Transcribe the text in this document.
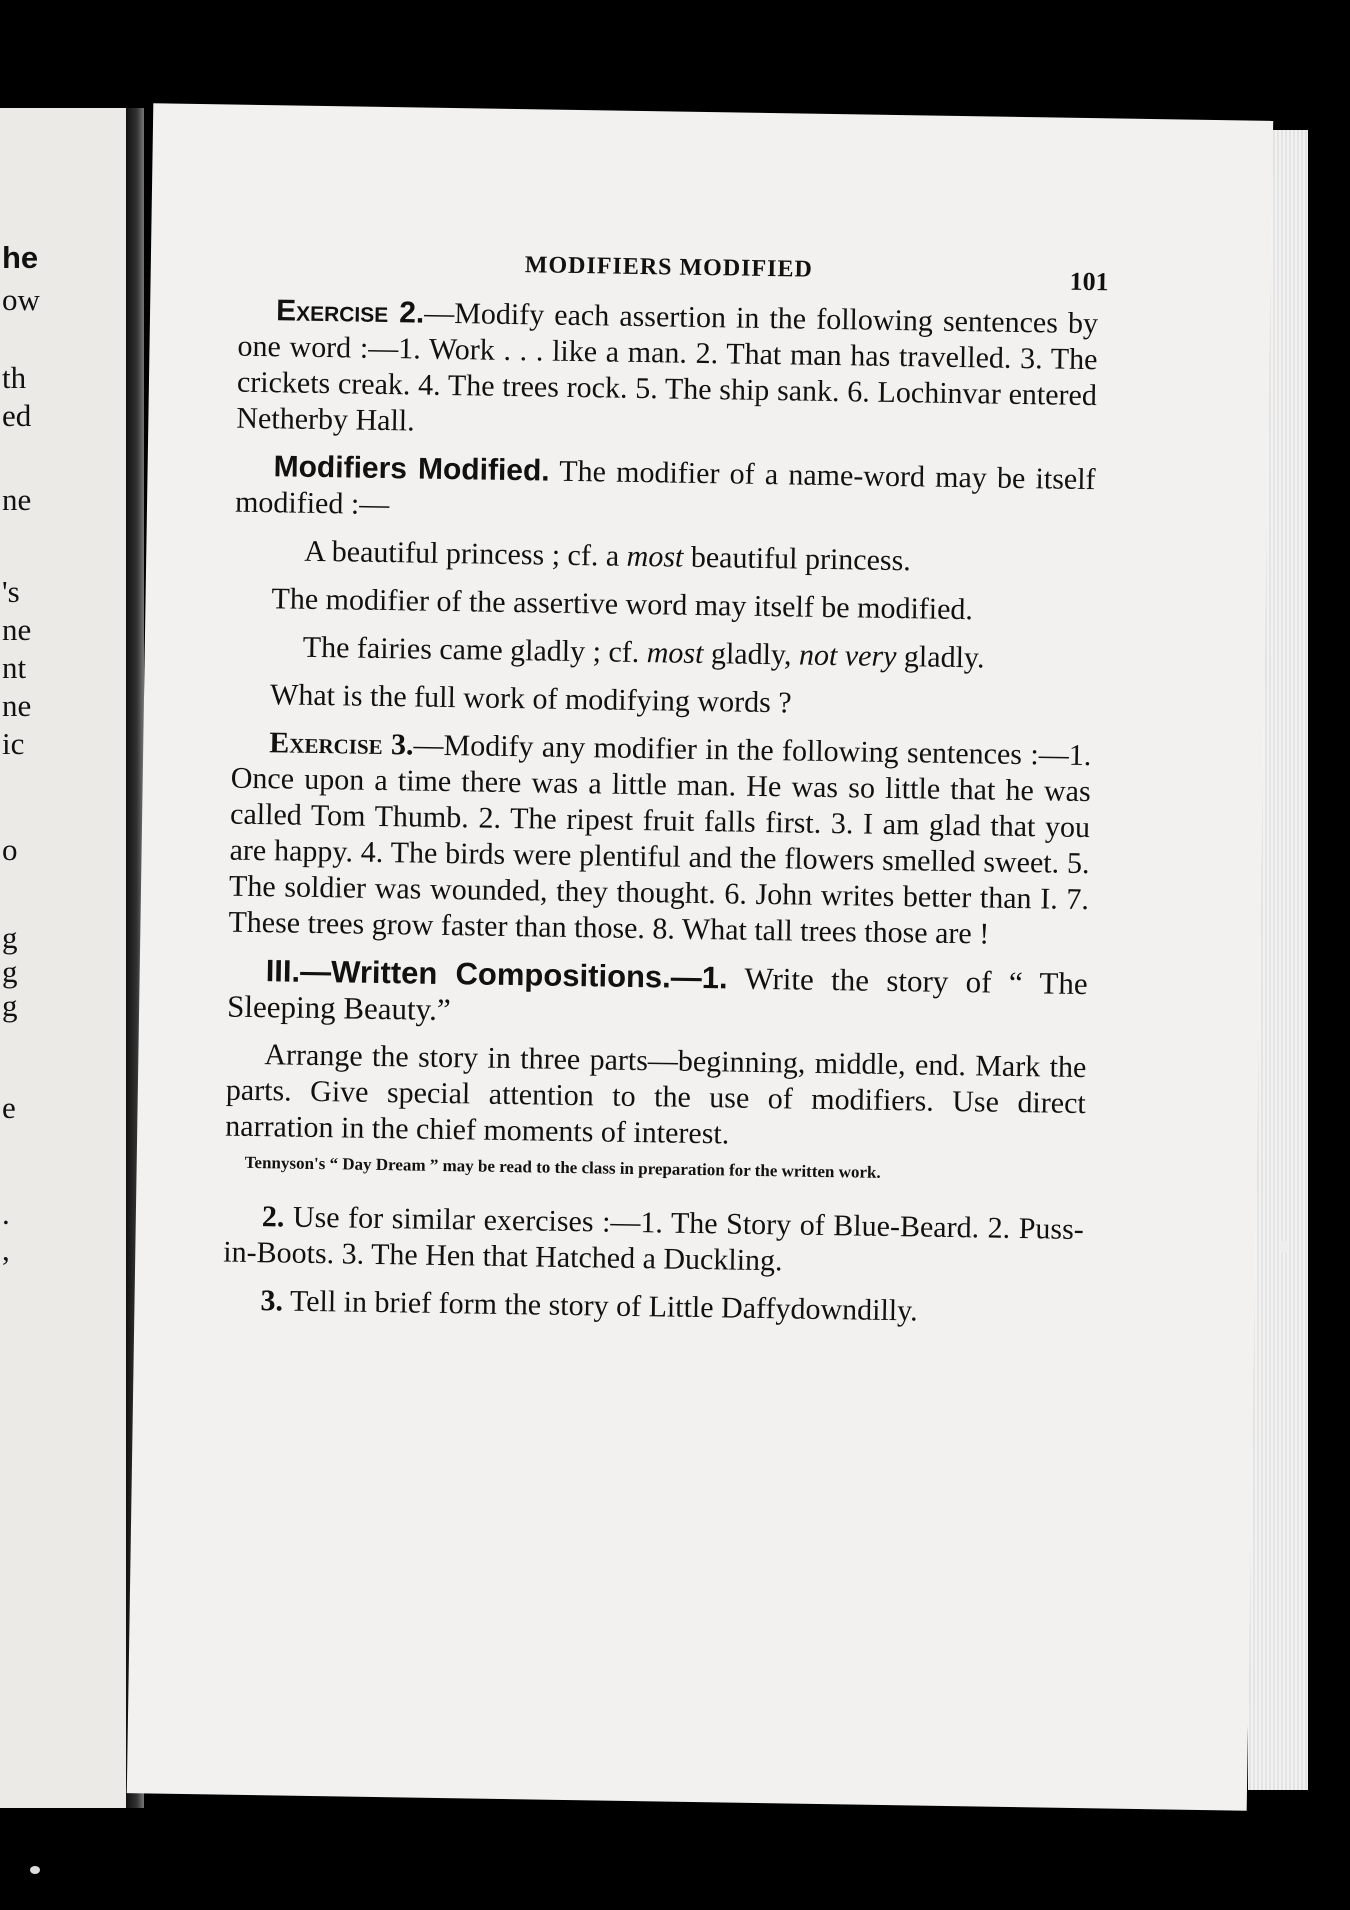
he
ow
th
ed
ne
's
ne
nt
ne
ic
o
g
g
g
e
.
,
MODIFIERS MODIFIED	101

Exercise 2.—Modify each assertion in the following sentences by one word :—1. Work . . . like a man. 2. That man has travelled. 3. The crickets creak. 4. The trees rock. 5. The ship sank. 6. Lochinvar entered Netherby Hall.

Modifiers Modified. The modifier of a name-word may be itself modified :—

A beautiful princess ; cf. a most beautiful princess.

The modifier of the assertive word may itself be modified.

The fairies came gladly ; cf. most gladly, not very gladly.

What is the full work of modifying words ?

Exercise 3.—Modify any modifier in the following sentences :—1. Once upon a time there was a little man. He was so little that he was called Tom Thumb. 2. The ripest fruit falls first. 3. I am glad that you are happy. 4. The birds were plentiful and the flowers smelled sweet. 5. The soldier was wounded, they thought. 6. John writes better than I. 7. These trees grow faster than those. 8. What tall trees those are !

III.—Written Compositions.—1. Write the story of “ The Sleeping Beauty.”

Arrange the story in three parts—beginning, middle, end. Mark the parts. Give special attention to the use of modifiers. Use direct narration in the chief moments of interest.

Tennyson's “ Day Dream ” may be read to the class in preparation for the written work.

2. Use for similar exercises :—1. The Story of Blue-Beard. 2. Puss-in-Boots. 3. The Hen that Hatched a Duckling.

3. Tell in brief form the story of Little Daffydowndilly.
